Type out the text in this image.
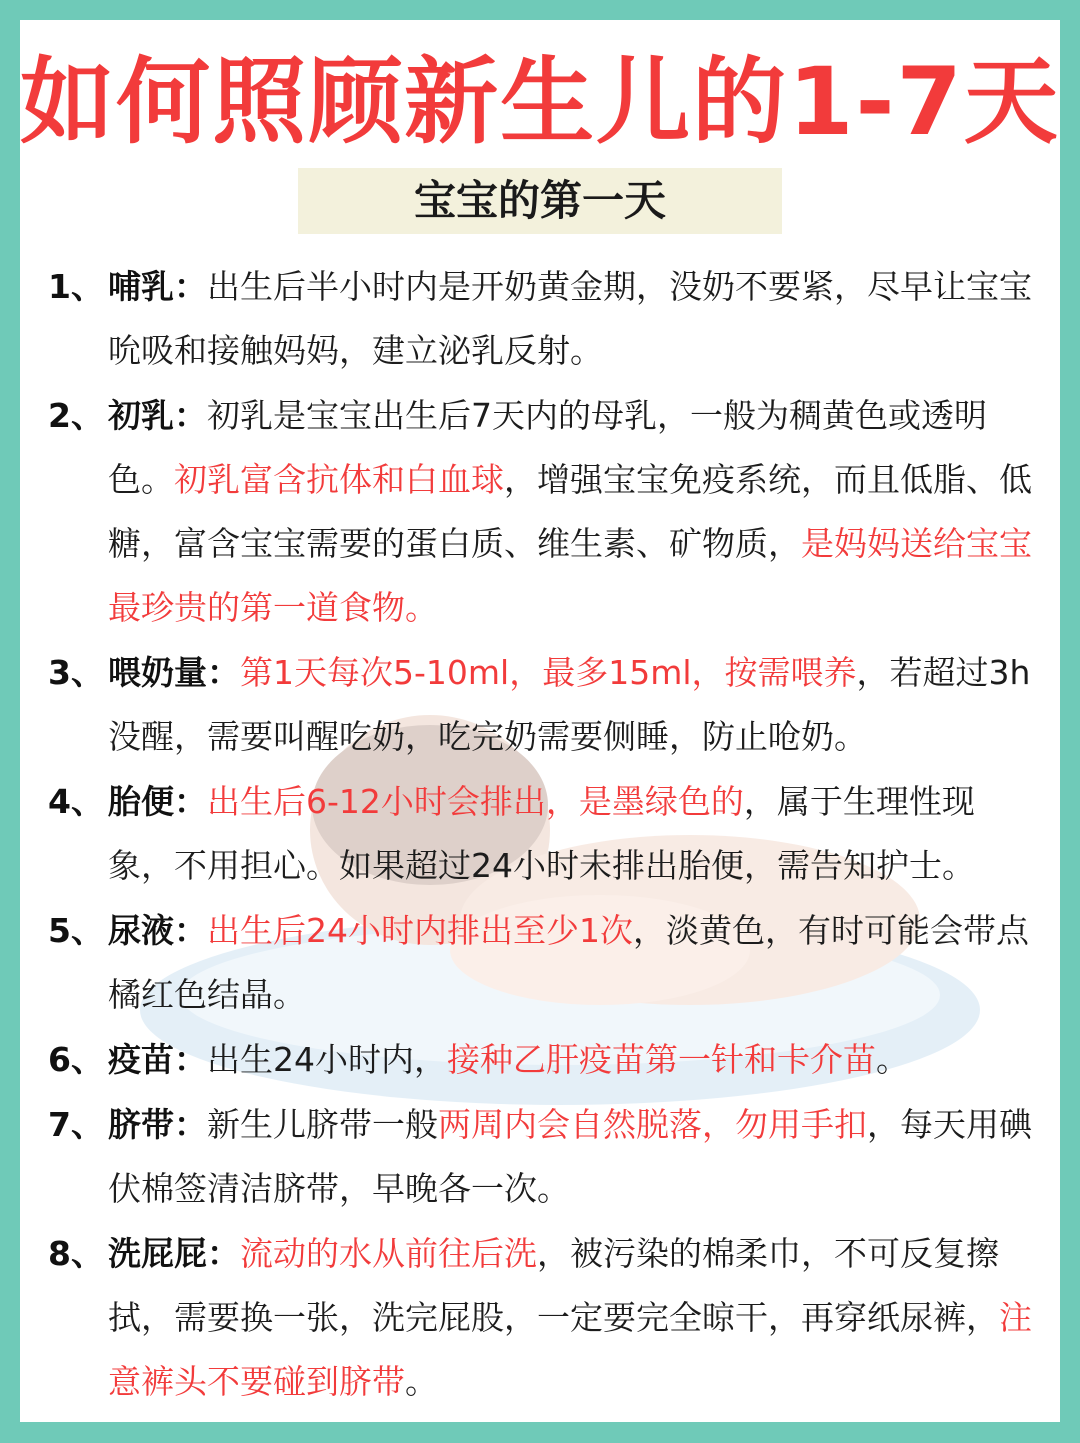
如何照顾新生儿的1-7天
宝宝的第一天
1、 哺乳：出生后半小时内是开奶黄金期，没奶不要紧，尽早让宝宝吮吸和接触妈妈，建立泌乳反射。
2、 初乳：初乳是宝宝出生后7天内的母乳，一般为稠黄色或透明色。初乳富含抗体和白血球，增强宝宝免疫系统，而且低脂、低糖，富含宝宝需要的蛋白质、维生素、矿物质，是妈妈送给宝宝最珍贵的第一道食物。
3、 喂奶量：第1天每次5-10ml，最多15ml，按需喂养，若超过3h没醒，需要叫醒吃奶，吃完奶需要侧睡，防止呛奶。
4、 胎便：出生后6-12小时会排出，是墨绿色的，属于生理性现象，不用担心。如果超过24小时未排出胎便，需告知护士。
5、 尿液：出生后24小时内排出至少1次，淡黄色，有时可能会带点橘红色结晶。
6、 疫苗：出生24小时内，接种乙肝疫苗第一针和卡介苗。
7、 脐带：新生儿脐带一般两周内会自然脱落，勿用手扣，每天用碘伏棉签清洁脐带，早晚各一次。
8、 洗屁屁：流动的水从前往后洗，被污染的棉柔巾，不可反复擦拭，需要换一张，洗完屁股，一定要完全晾干，再穿纸尿裤，注意裤头不要碰到脐带。
